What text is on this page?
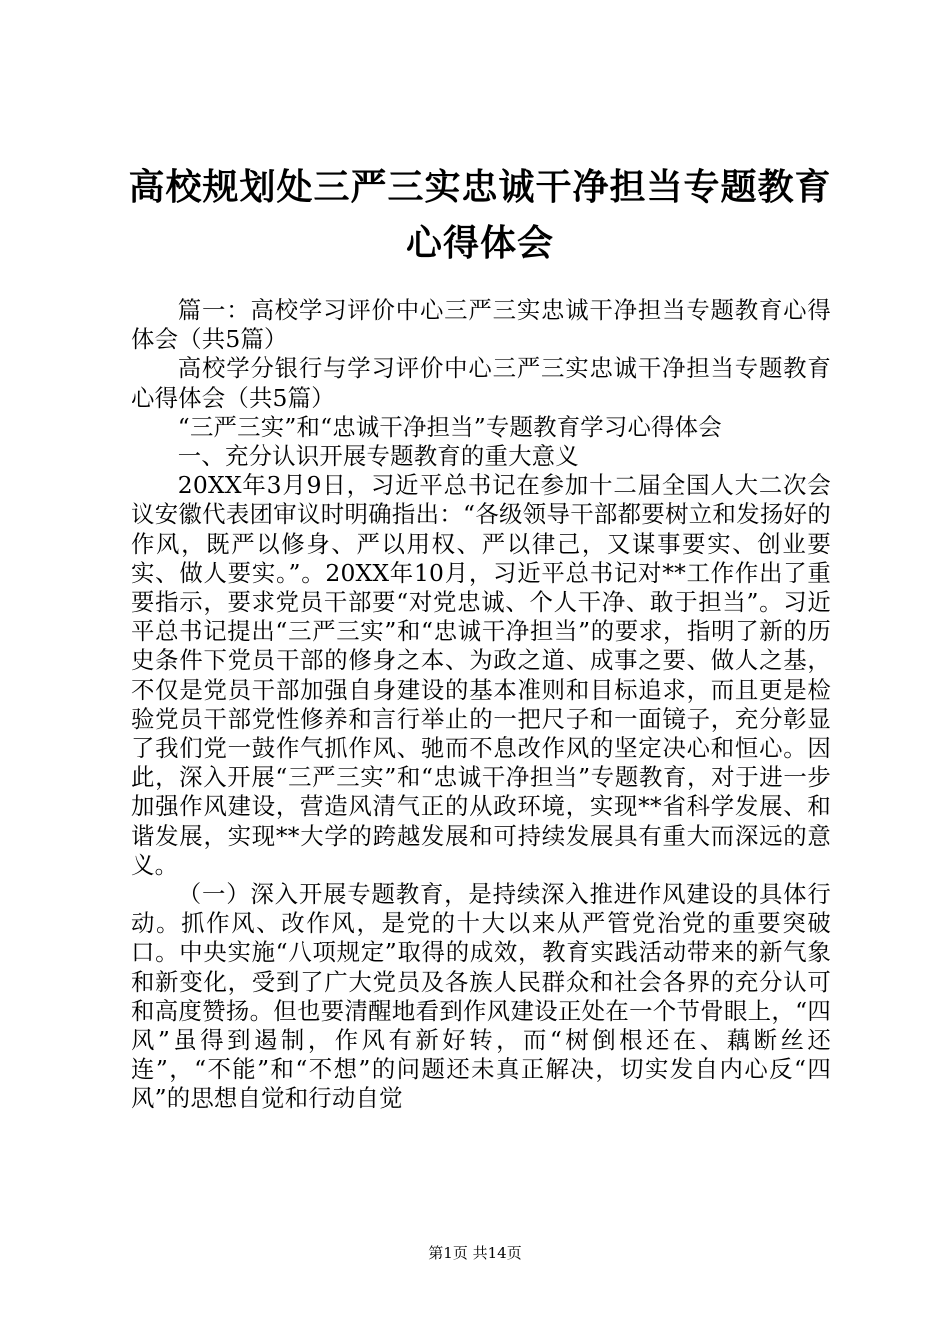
高校规划处三严三实忠诚干净担当专题教育心得体会

篇一：高校学习评价中心三严三实忠诚干净担当专题教育心得体会（共5篇）

高校学分银行与学习评价中心三严三实忠诚干净担当专题教育心得体会（共5篇）

“三严三实”和“忠诚干净担当”专题教育学习心得体会

一、充分认识开展专题教育的重大意义

20XX年3月9日，习近平总书记在参加十二届全国人大二次会议安徽代表团审议时明确指出：“各级领导干部都要树立和发扬好的作风，既严以修身、严以用权、严以律己，又谋事要实、创业要实、做人要实。”。20XX年10月，习近平总书记对**工作作出了重要指示，要求党员干部要“对党忠诚、个人干净、敢于担当”。习近平总书记提出“三严三实”和“忠诚干净担当”的要求，指明了新的历史条件下党员干部的修身之本、为政之道、成事之要、做人之基，不仅是党员干部加强自身建设的基本准则和目标追求，而且更是检验党员干部党性修养和言行举止的一把尺子和一面镜子，充分彰显了我们党一鼓作气抓作风、驰而不息改作风的坚定决心和恒心。因此，深入开展“三严三实”和“忠诚干净担当”专题教育，对于进一步加强作风建设，营造风清气正的从政环境，实现**省科学发展、和谐发展，实现**大学的跨越发展和可持续发展具有重大而深远的意义。

（一）深入开展专题教育，是持续深入推进作风建设的具体行动。抓作风、改作风，是党的十大以来从严管党治党的重要突破口。中央实施“八项规定”取得的成效，教育实践活动带来的新气象和新变化，受到了广大党员及各族人民群众和社会各界的充分认可和高度赞扬。但也要清醒地看到作风建设正处在一个节骨眼上，“四风”虽得到遏制，作风有新好转，而“树倒根还在、藕断丝还连”，“不能”和“不想”的问题还未真正解决，切实发自内心反“四风”的思想自觉和行动自觉

第1页 共14页
